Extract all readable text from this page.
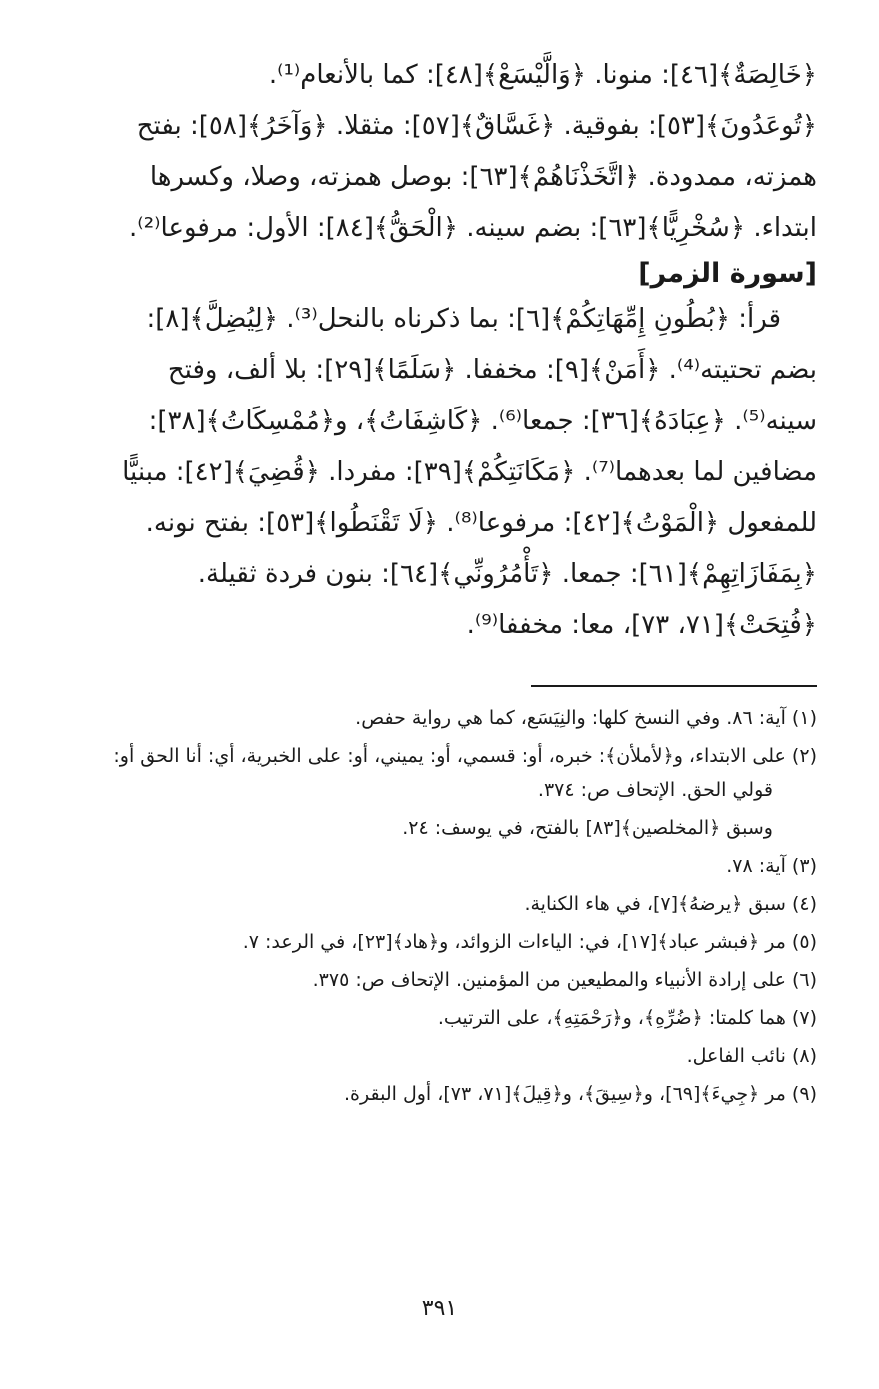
﴿خَالِصَةٌ﴾[٤٦]: منونا. ﴿وَالَّيْسَعْ﴾[٤٨]: كما بالأنعام⁽¹⁾.

﴿تُوعَدُونَ﴾[٥٣]: بفوقية. ﴿غَسَّاقٌ﴾[٥٧]: مثقلا. ﴿وَآخَرُ﴾[٥٨]: بفتح

همزته، ممدودة. ﴿اتَّخَذْنَاهُمْ﴾[٦٣]: بوصل همزته، وصلا، وكسرها

ابتداء. ﴿سُخْرِيًّا﴾[٦٣]: بضم سينه. ﴿الْحَقُّ﴾[٨٤]: الأول: مرفوعا⁽²⁾.

[سورة الزمر]

قرأ: ﴿بُطُونِ إِمِّهَاتِكُمْ﴾[٦]: بما ذكرناه بالنحل⁽³⁾. ﴿لِيُضِلَّ﴾[٨]:

بضم تحتيته⁽⁴⁾. ﴿أَمَنْ﴾[٩]: مخففا. ﴿سَلَمًا﴾[٢٩]: بلا ألف، وفتح

سينه⁽⁵⁾. ﴿عِبَادَهُ﴾[٣٦]: جمعا⁽⁶⁾. ﴿كَاشِفَاتُ﴾، و﴿مُمْسِكَاتُ﴾[٣٨]:

مضافين لما بعدهما⁽⁷⁾. ﴿مَكَانَتِكُمْ﴾[٣٩]: مفردا. ﴿قُضِيَ﴾[٤٢]: مبنيًّا

للمفعول ﴿الْمَوْتُ﴾[٤٢]: مرفوعا⁽⁸⁾. ﴿لَا تَقْنَطُوا﴾[٥٣]: بفتح نونه.

﴿بِمَفَازَاتِهِمْ﴾[٦١]: جمعا. ﴿تَأْمُرُونِّي﴾[٦٤]: بنون فردة ثقيلة.

﴿فُتِحَتْ﴾[٧١، ٧٣]، معا: مخففا⁽⁹⁾.

(١) آية: ٨٦. وفي النسخ كلها: والنِيَسَع، كما هي رواية حفص.

(٢) على الابتداء، و﴿لأملأن﴾: خبره، أو: قسمي، أو: يميني، أو: على الخبرية، أي: أنا الحق أو: قولي الحق. الإتحاف ص: ٣٧٤.

وسبق ﴿المخلصين﴾[٨٣] بالفتح، في يوسف: ٢٤.

(٣) آية: ٧٨.

(٤) سبق ﴿يرضهُ﴾[٧]، في هاء الكناية.

(٥) مر ﴿فبشر عباد﴾[١٧]، في: الياءات الزوائد، و﴿هاد﴾[٢٣]، في الرعد: ٧.

(٦) على إرادة الأنبياء والمطيعين من المؤمنين. الإتحاف ص: ٣٧٥.

(٧) هما كلمتا: ﴿ضُرِّهِ﴾، و﴿رَحْمَتِهِ﴾، على الترتيب.

(٨) نائب الفاعل.

(٩) مر ﴿جِيءَ﴾[٦٩]، و﴿سِيقَ﴾، و﴿قِيلَ﴾[٧١، ٧٣]، أول البقرة.

٣٩١
